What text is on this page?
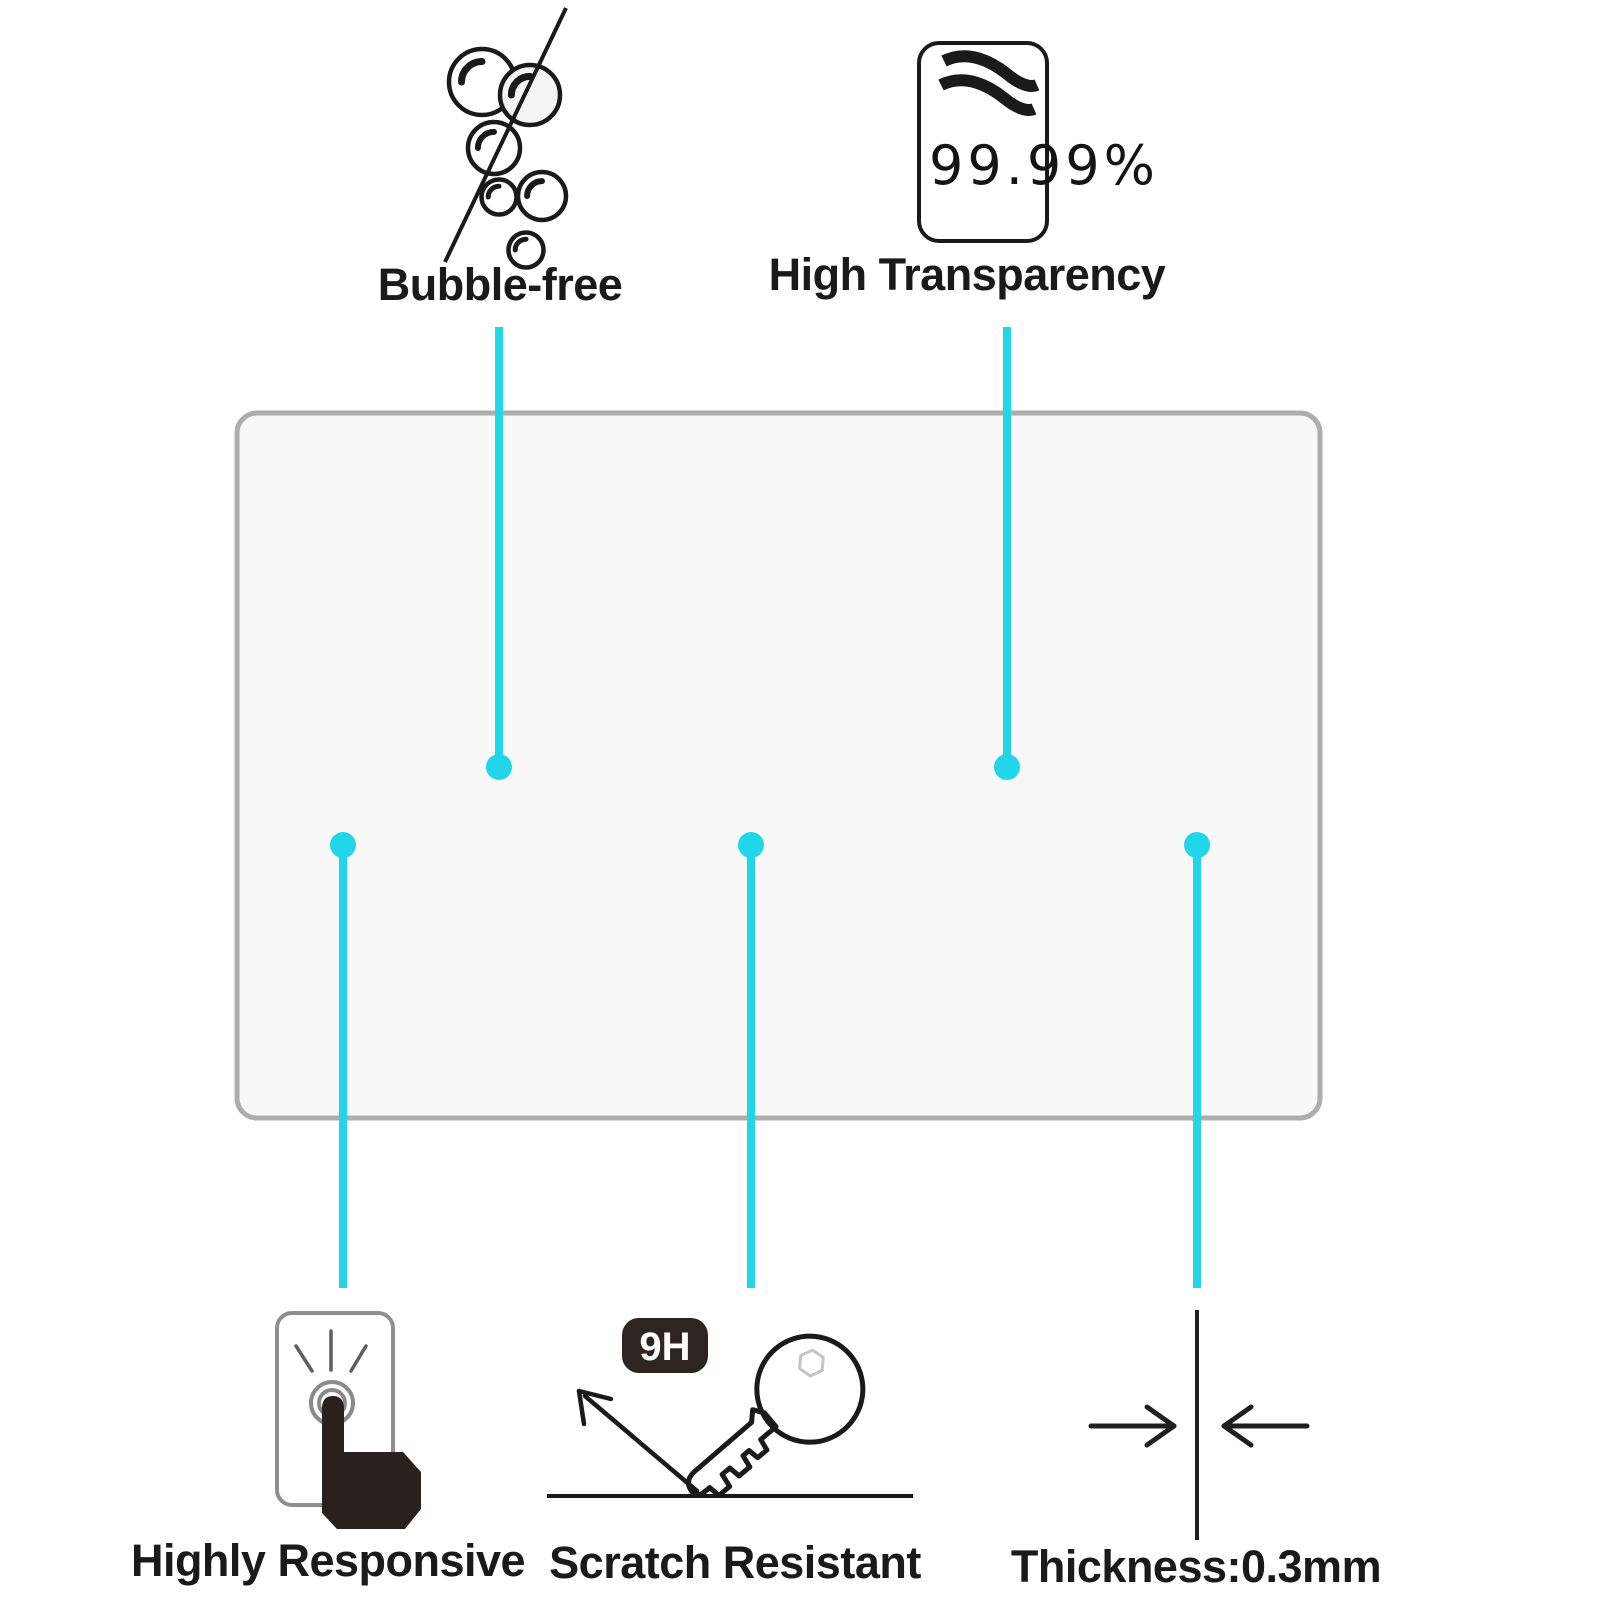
99.99%
9H
Bubble-free	High Transparency
Highly Responsive Scratch Resistant Thickness:0.3mm
